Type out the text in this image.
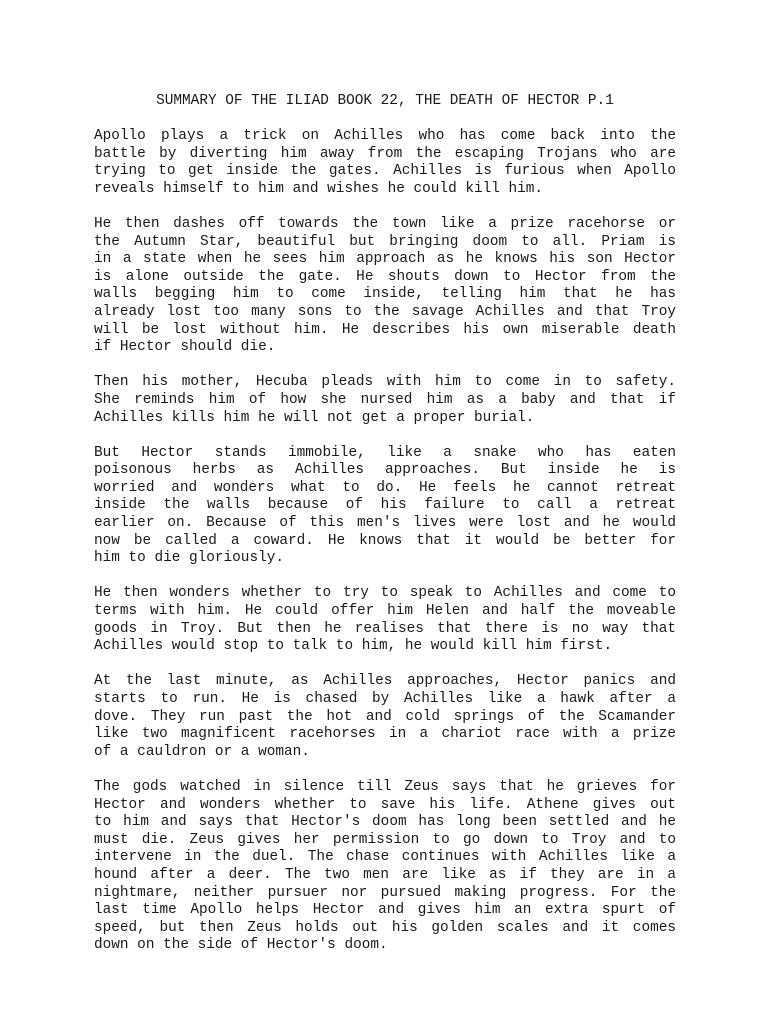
SUMMARY OF THE ILIAD BOOK 22, THE DEATH OF HECTOR P.1
Apollo plays a trick on Achilles who has come back into the
battle by diverting him away from the escaping Trojans who are
trying to get inside the gates. Achilles is furious when Apollo
reveals himself to him and wishes he could kill him.
He then dashes off towards the town like a prize racehorse or
the Autumn Star, beautiful but bringing doom to all. Priam is
in a state when he sees him approach as he knows his son Hector
is alone outside the gate. He shouts down to Hector from the
walls begging him to come inside, telling him that he has
already lost too many sons to the savage Achilles and that Troy
will be lost without him. He describes his own miserable death
if Hector should die.
Then his mother, Hecuba pleads with him to come in to safety.
She reminds him of how she nursed him as a baby and that if
Achilles kills him he will not get a proper burial.
But Hector stands immobile, like a snake who has eaten
poisonous herbs as Achilles approaches. But inside he is
worried and wonders what to do. He feels he cannot retreat
inside the walls because of his failure to call a retreat
earlier on. Because of this men's lives were lost and he would
now be called a coward. He knows that it would be better for
him to die gloriously.
He then wonders whether to try to speak to Achilles and come to
terms with him. He could offer him Helen and half the moveable
goods in Troy. But then he realises that there is no way that
Achilles would stop to talk to him, he would kill him first.
At the last minute, as Achilles approaches, Hector panics and
starts to run. He is chased by Achilles like a hawk after a
dove. They run past the hot and cold springs of the Scamander
like two magnificent racehorses in a chariot race with a prize
of a cauldron or a woman.
The gods watched in silence till Zeus says that he grieves for
Hector and wonders whether to save his life. Athene gives out
to him and says that Hector's doom has long been settled and he
must die. Zeus gives her permission to go down to Troy and to
intervene in the duel. The chase continues with Achilles like a
hound after a deer. The two men are like as if they are in a
nightmare, neither pursuer nor pursued making progress. For the
last time Apollo helps Hector and gives him an extra spurt of
speed, but then Zeus holds out his golden scales and it comes
down on the side of Hector's doom.
